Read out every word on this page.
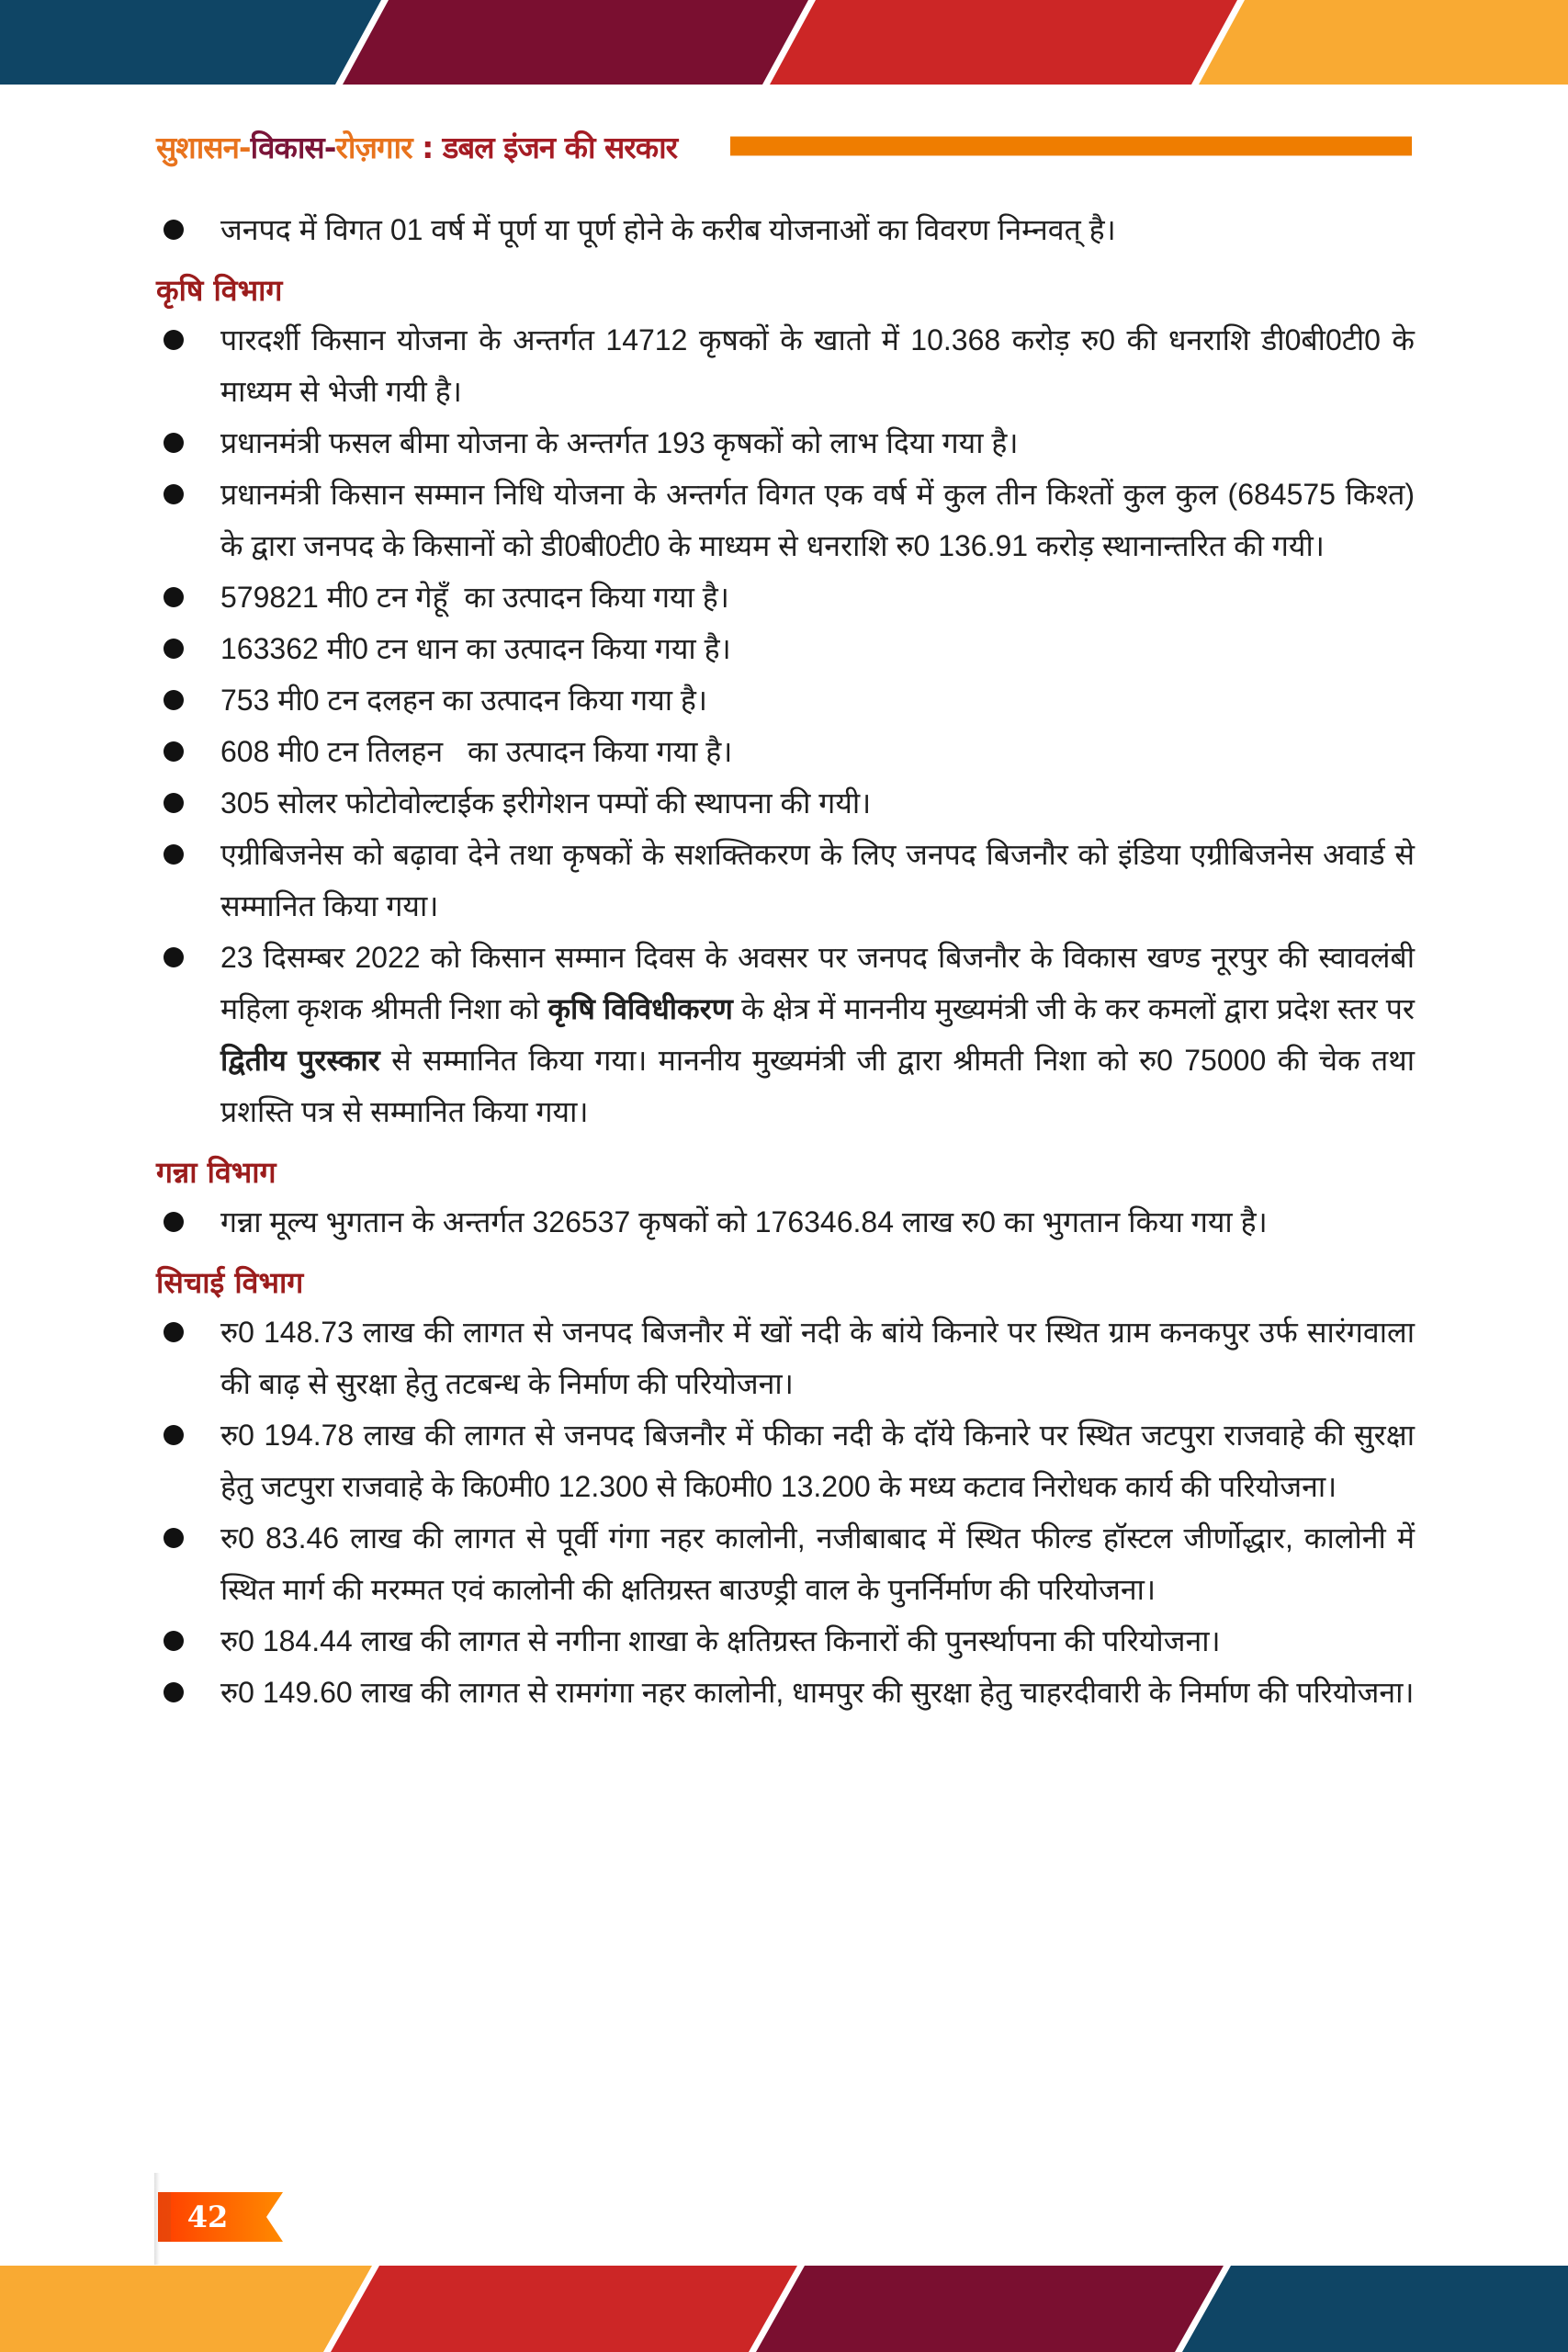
सुशासन- विकास- रोज़गार : डबल इंजन की सरकार
जनपद में विगत 01 वर्ष में पूर्ण या पूर्ण होने के करीब योजनाओं का विवरण निम्नवत् है।
कृषि विभाग
पारदर्शी किसान योजना के अन्तर्गत 14712 कृषकों के खातो में 10.368 करोड़ रु0 की धनराशि डी0बी0टी0 के माध्यम से भेजी गयी है।
प्रधानमंत्री फसल बीमा योजना के अन्तर्गत 193 कृषकों को लाभ दिया गया है।
प्रधानमंत्री किसान सम्मान निधि योजना के अन्तर्गत विगत एक वर्ष में कुल तीन किश्तों कुल कुल (684575 किश्त) के द्वारा जनपद के किसानों को डी0बी0टी0 के माध्यम से धनराशि रु0 136.91 करोड़ स्थानान्तरित की गयी।
579821 मी0 टन गेहूँ  का उत्पादन किया गया है।
163362 मी0 टन धान का उत्पादन किया गया है।
753 मी0 टन दलहन का उत्पादन किया गया है।
608 मी0 टन तिलहन   का उत्पादन किया गया है।
305 सोलर फोटोवोल्टाईक इरीगेशन पम्पों की स्थापना की गयी।
एग्रीबिजनेस को बढ़ावा देने तथा कृषकों के सशक्तिकरण के लिए जनपद बिजनौर को इंडिया एग्रीबिजनेस अवार्ड से सम्मानित किया गया।
23 दिसम्बर 2022 को किसान सम्मान दिवस के अवसर पर जनपद बिजनौर के विकास खण्ड नूरपुर की स्वावलंबी महिला कृशक श्रीमती निशा को कृषि विविधीकरण के क्षेत्र में माननीय मुख्यमंत्री जी के कर कमलों द्वारा प्रदेश स्तर पर द्वितीय पुरस्कार से सम्मानित किया गया। माननीय मुख्यमंत्री जी द्वारा श्रीमती निशा को रु0 75000 की चेक तथा प्रशस्ति पत्र से सम्मानित किया गया।
गन्ना विभाग
गन्ना मूल्य भुगतान के अन्तर्गत 326537 कृषकों को 176346.84 लाख रु0 का भुगतान किया गया है।
सिचाई विभाग
रु0 148.73 लाख की लागत से जनपद बिजनौर में खों नदी के बांये किनारे पर स्थित ग्राम कनकपुर उर्फ सारंगवाला की बाढ़ से सुरक्षा हेतु तटबन्ध के निर्माण की परियोजना।
रु0 194.78 लाख की लागत से जनपद बिजनौर में फीका नदी के दॉये किनारे पर स्थित जटपुरा राजवाहे की सुरक्षा हेतु जटपुरा राजवाहे के कि0मी0 12.300 से कि0मी0 13.200 के मध्य कटाव निरोधक कार्य की परियोजना।
रु0 83.46 लाख की लागत से पूर्वी गंगा नहर कालोनी, नजीबाबाद में स्थित फील्ड हॉस्टल जीर्णोद्धार, कालोनी में स्थित मार्ग की मरम्मत एवं कालोनी की क्षतिग्रस्त बाउण्ड्री वाल के पुनर्निर्माण की परियोजना।
रु0 184.44 लाख की लागत से नगीना शाखा के क्षतिग्रस्त किनारों की पुनर्स्थापना की परियोजना।
रु0 149.60 लाख की लागत से रामगंगा नहर कालोनी, धामपुर की सुरक्षा हेतु चाहरदीवारी के निर्माण की परियोजना।
42
